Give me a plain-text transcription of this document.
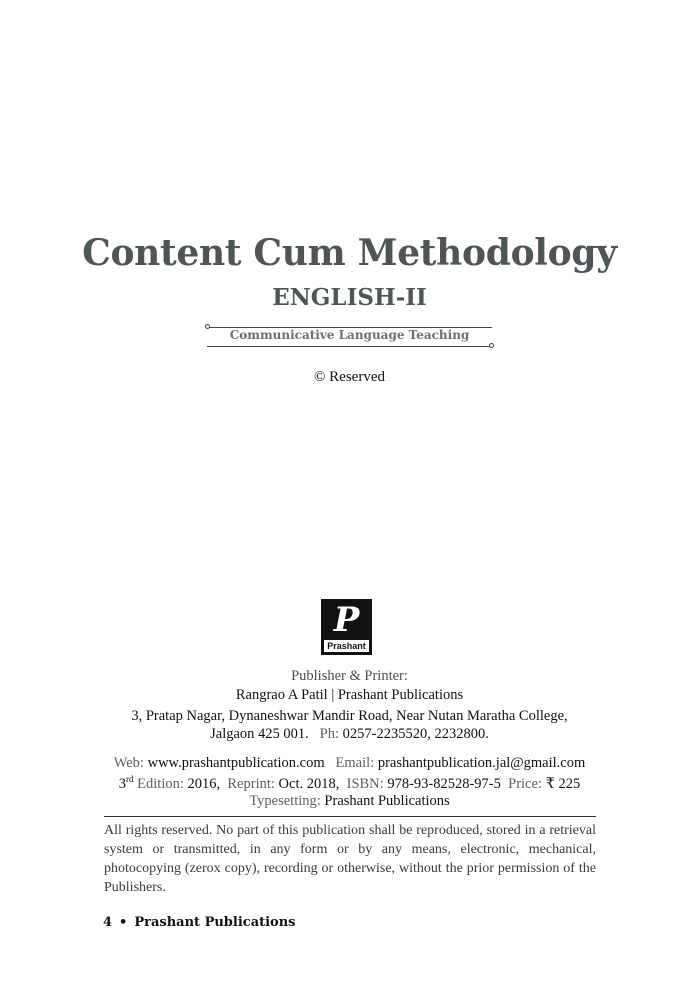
Content Cum Methodology
ENGLISH-II
Communicative Language Teaching
© Reserved
P
Prashant
Publisher & Printer:
Rangrao A Patil | Prashant Publications
3, Pratap Nagar, Dynaneshwar Mandir Road, Near Nutan Maratha College,
Jalgaon 425 001. Ph: 0257-2235520, 2232800.
Web: www.prashantpublication.com Email: prashantpublication.jal@gmail.com
3rd Edition: 2016, Reprint: Oct. 2018, ISBN: 978-93-82528-97-5 Price: ₹ 225
Typesetting: Prashant Publications
All rights reserved. No part of this publication shall be reproduced, stored in a retrieval system or transmitted, in any form or by any means, electronic, mechanical, photocopying (zerox copy), recording or otherwise, without the prior permission of the Publishers.
4 • Prashant Publications
